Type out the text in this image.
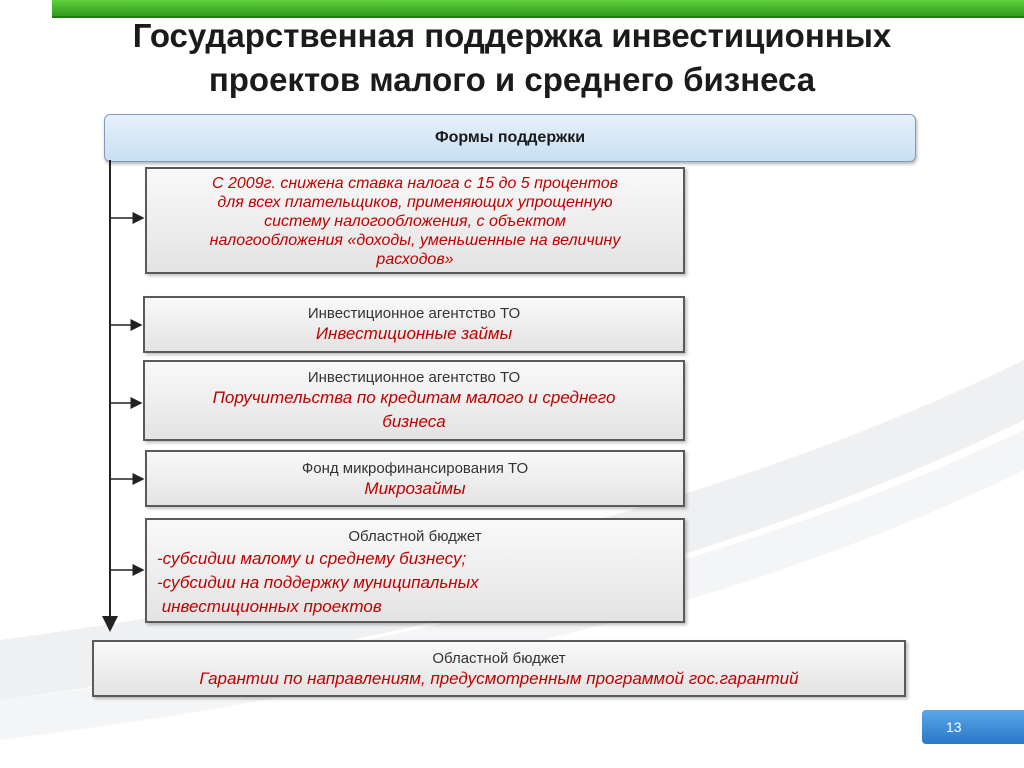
Государственная поддержка инвестиционных
проектов малого и среднего бизнеса
Формы поддержки
С 2009г. снижена ставка налога с 15 до 5 процентов
для всех плательщиков, применяющих упрощенную
систему налогообложения, с объектом
налогообложения «доходы, уменьшенные на величину
расходов»
Инвестиционное агентство ТО
Инвестиционные займы
Инвестиционное агентство ТО
Поручительства по кредитам малого и среднего
бизнеса
Фонд микрофинансирования ТО
Микрозаймы
Областной бюджет
-субсидии малому и среднему бизнесу;
-субсидии на поддержку муниципальных
инвестиционных проектов
Областной бюджет
Гарантии по направлениям, предусмотренным программой гос.гарантий
13
